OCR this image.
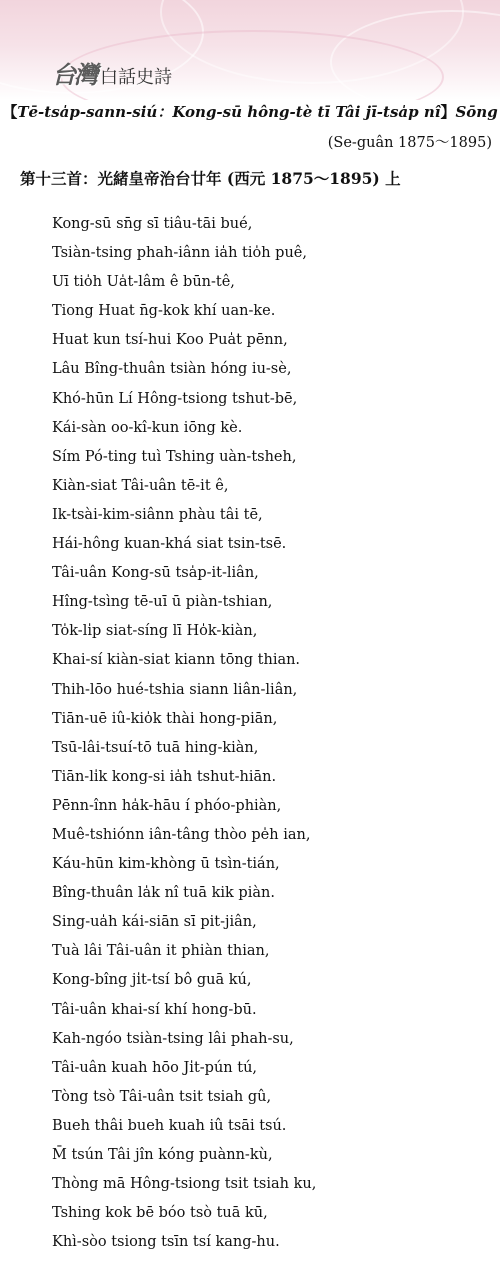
台灣 白話史詩
【Tē-tsa̍p-sann-siú：Kong-sū hông-tè tī Tâi jī-tsa̍p nî】Sōng
(Se-guân 1875～1895)
第十三首：光緒皇帝治台廿年 (西元 1875～1895) 上
Kong-sū sn̄g sī tiâu-tāi bué,
Tsiàn-tsing phah-iânn ia̍h tio̍h puê,
Uī tio̍h Ua̍t-lâm ê būn-tê,
Tiong Huat n̄g-kok khí uan-ke.
Huat kun tsí-hui Koo Pua̍t pēnn,
Lâu Bîng-thuân tsiàn hóng iu-sè,
Khó-hūn Lí Hông-tsiong tshut-bē,
Kái-sàn oo-kî-kun iōng kè.
Sím Pó-ting tuì Tshing uàn-tsheh,
Kiàn-siat Tâi-uân tē-it ê,
Ik-tsài-kim-siânn phàu tâi tē,
Hái-hông kuan-khá siat tsin-tsē.
Tâi-uân Kong-sū tsa̍p-it-liân,
Hîng-tsìng tē-uī ū piàn-tshian,
To̍k-li̍p siat-síng lī Ho̍k-kiàn,
Khai-sí kiàn-siat kiann tōng thian.
Thih-lōo hué-tshia siann liân-liân,
Tiān-uē iû-kio̍k thài hong-piān,
Tsū-lâi-tsuí-tō tuā hing-kiàn,
Tiān-li̍k kong-si ia̍h tshut-hiān.
Pēnn-înn ha̍k-hāu í phóo-phiàn,
Muê-tshiónn iân-tâng thòo pe̍h ian,
Káu-hūn kim-khòng ū tsìn-tián,
Bîng-thuân la̍k nî tuā kik piàn.
Sing-ua̍h kái-siān sī pit-jiân,
Tuà lâi Tâi-uân it phiàn thian,
Kong-bîng ji̍t-tsí bô guā kú,
Tâi-uân khai-sí khí hong-bū.
Kah-ngóo tsiàn-tsing lâi phah-su,
Tâi-uân kuah hōo Ji̍t-pún tú,
Tòng tsò Tâi-uân tsit tsiah gû,
Bueh thâi bueh kuah iû tsāi tsú.
M̄ tsún Tâi jîn kóng puànn-kù,
Thòng mā Hông-tsiong tsit tsiah ku,
Tshing kok bē bóo tsò tuā kū,
Khì-sòo tsiong tsīn tsí kang-hu.
